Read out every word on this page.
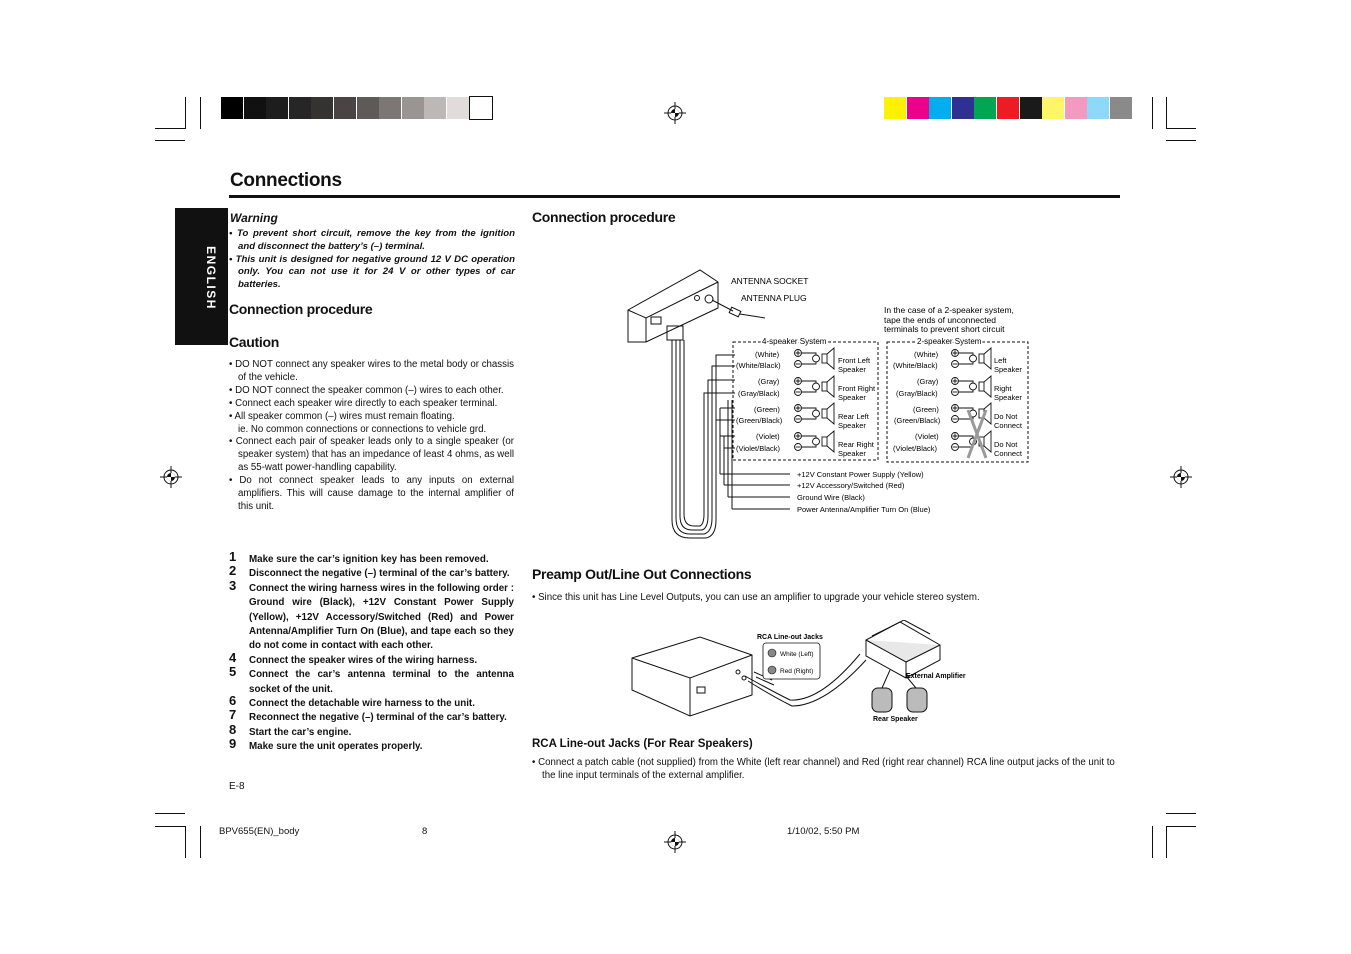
Connections
ENGLISH
Warning
• To prevent short circuit, remove the key from the ignition and disconnect the battery’s (–) terminal.
• This unit is designed for negative ground 12 V DC operation only. You can not use it for 24 V or other types of car batteries.
Connection procedure
Caution
• DO NOT connect any speaker wires to the metal body or chassis of the vehicle.
• DO NOT connect the speaker common (–) wires to each other.
• Connect each speaker wire directly to each speaker terminal.
• All speaker common (–) wires must remain floating.
ie. No common connections or connections to vehicle grd.
• Connect each pair of speaker leads only to a single speaker (or speaker system) that has an impedance of least 4 ohms, as well as 55-watt power-handling capability.
• Do not connect speaker leads to any inputs on external amplifiers. This will cause damage to the internal amplifier of this unit.
1 Make sure the car’s ignition key has been removed.
2 Disconnect the negative (–) terminal of the car’s battery.
3 Connect the wiring harness wires in the following order : Ground wire (Black), +12V Constant Power Supply (Yellow), +12V Accessory/Switched (Red) and Power Antenna/Amplifier Turn On (Blue), and tape each so they do not come in contact with each other.
4 Connect the speaker wires of the wiring harness.
5 Connect the car’s antenna terminal to the antenna socket of the unit.
6 Connect the detachable wire harness to the unit.
7 Reconnect the negative (–) terminal of the car’s battery.
8 Start the car’s engine.
9 Make sure the unit operates properly.
E-8
Connection procedure
ANTENNA SOCKET
ANTENNA PLUG
In the case of a 2-speaker system,
tape the ends of unconnected
terminals to prevent short circuit
4-speaker System	2-speaker System
(White)
(White/Black)
(Gray)
(Gray/Black)
(Green)
(Green/Black)
(Violet)
(Violet/Black)
(White)
(White/Black)
(Gray)
(Gray/Black)
(Green)
(Green/Black)
(Violet)
(Violet/Black)
Front Left
Speaker
Front Right
Speaker
Rear Left
Speaker
Rear Right
Speaker
Left
Speaker
Right
Speaker
Do Not
Connect
Do Not
Connect
+12V Constant Power Supply (Yellow)
+12V Accessory/Switched (Red)
Ground Wire (Black)
Power Antenna/Amplifier Turn On (Blue)
Preamp Out/Line Out Connections
• Since this unit has Line Level Outputs, you can use an amplifier to upgrade your vehicle stereo system.
RCA Line-out Jacks
White (Left)
Red (Right)
External Amplifier
Rear Speaker
RCA Line-out Jacks (For Rear Speakers)
• Connect a patch cable (not supplied) from the White (left rear channel) and Red (right rear channel) RCA line output jacks of the unit to the line input terminals of the external amplifier.
BPV655(EN)_body	8	1/10/02, 5:50 PM
